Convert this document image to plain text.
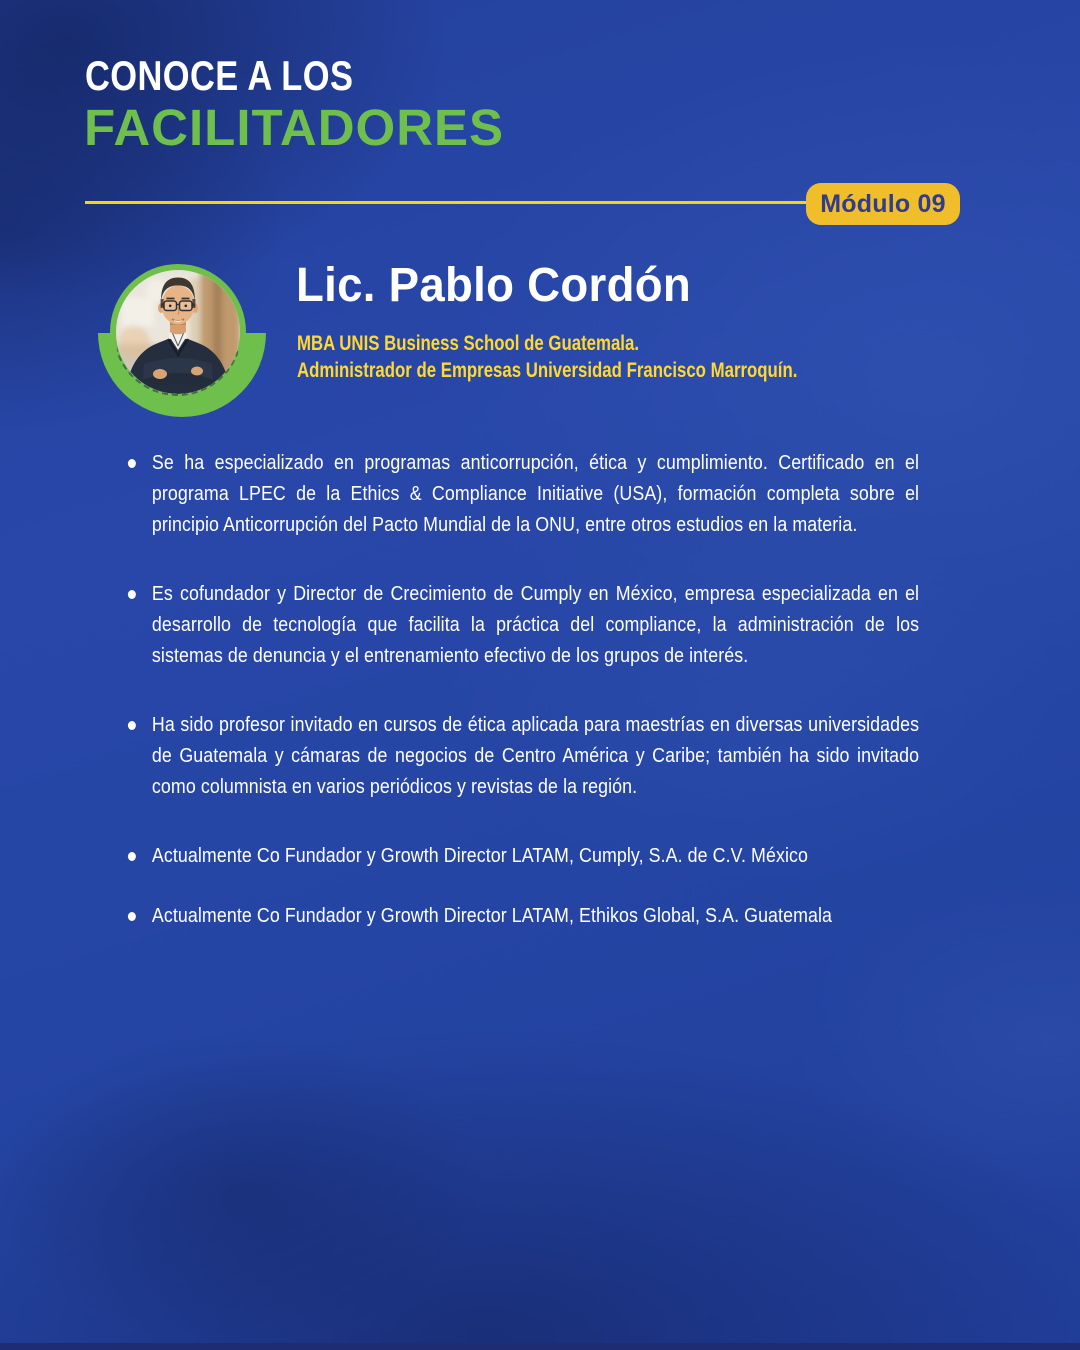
CONOCE A LOS
FACILITADORES
Módulo 09
Lic. Pablo Cordón

MBA UNIS Business School de Guatemala.

Administrador de Empresas Universidad Francisco Marroquín.

Se ha especializado en programas anticorrupción, ética y cumplimiento. Certificado en el programa LPEC de la Ethics & Compliance Initiative (USA), formación completa sobre el principio Anticorrupción del Pacto Mundial de la ONU, entre otros estudios en la materia.
Es cofundador y Director de Crecimiento de Cumply en México, empresa especializada en el desarrollo de tecnología que facilita la práctica del compliance, la administración de los sistemas de denuncia y el entrenamiento efectivo de los grupos de interés.
Ha sido profesor invitado en cursos de ética aplicada para maestrías en diversas universidades de Guatemala y cámaras de negocios de Centro América y Caribe; también ha sido invitado como columnista en varios periódicos y revistas de la región.
Actualmente Co Fundador y Growth Director LATAM, Cumply, S.A. de C.V. México
Actualmente Co Fundador y Growth Director LATAM, Ethikos Global, S.A. Guatemala
